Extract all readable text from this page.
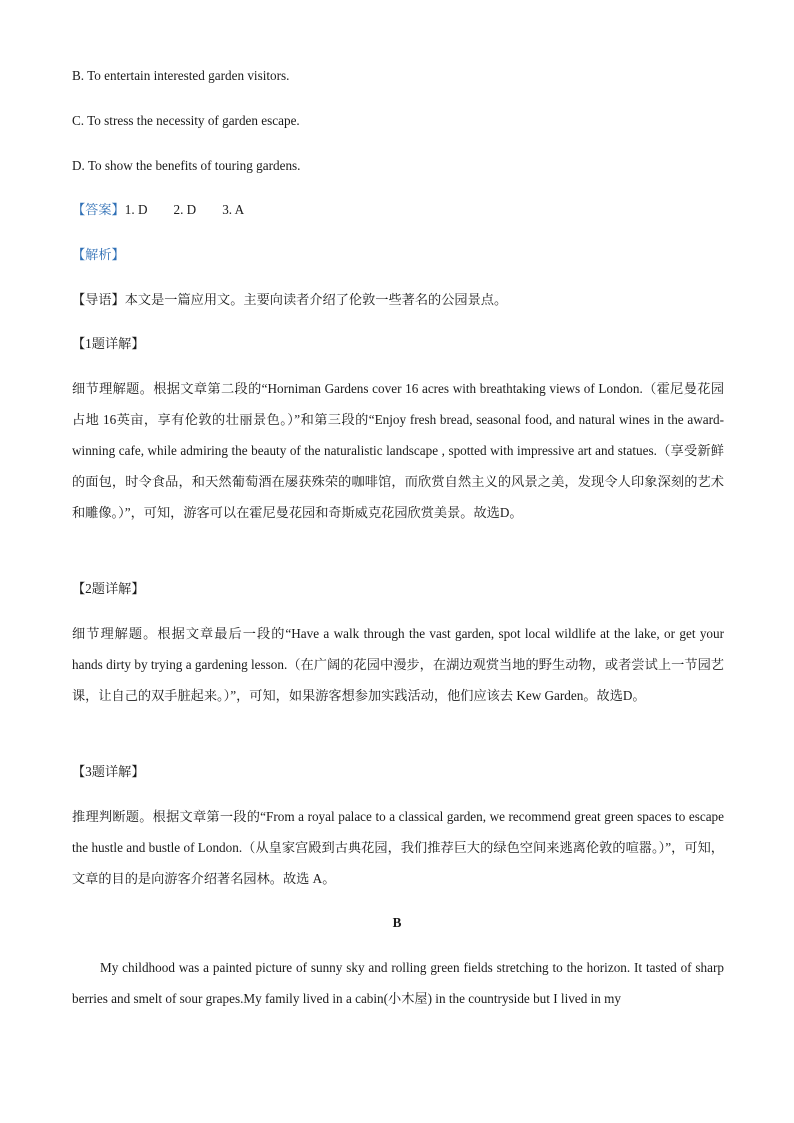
B. To entertain interested garden visitors.
C. To stress the necessity of garden escape.
D. To show the benefits of touring gardens.
【答案】1. D 2. D 3. A
【解析】
【导语】本文是一篇应用文。主要向读者介绍了伦敦一些著名的公园景点。
【1题详解】
细节理解题。根据文章第二段的“Horniman Gardens cover 16 acres with breathtaking views of London.（霍尼曼花园占地 16英亩，享有伦敦的壮丽景色。）”和第三段的“Enjoy fresh bread, seasonal food, and natural wines in the award-winning cafe, while admiring the beauty of the naturalistic landscape , spotted with impressive art and statues.（享受新鲜的面包，时令食品，和天然葡萄酒在屡获殊荣的咖啡馆，而欣赏自然主义的风景之美，发现令人印象深刻的艺术和雕像。）”，可知，游客可以在霍尼曼花园和奇斯威克花园欣赏美景。故选D。
【2题详解】
细节理解题。根据文章最后一段的“Have a walk through the vast garden, spot local wildlife at the lake, or get your hands dirty by trying a gardening lesson.（在广阔的花园中漫步，在湖边观赏当地的野生动物，或者尝试上一节园艺课，让自己的双手脏起来。）”，可知，如果游客想参加实践活动，他们应该去 Kew Garden。故选D。
【3题详解】
推理判断题。根据文章第一段的“From a royal palace to a classical garden, we recommend great green spaces to escape the hustle and bustle of London.（从皇家宫殿到古典花园，我们推荐巨大的绿色空间来逃离伦敦的喧嚣。）”，可知，文章的目的是向游客介绍著名园林。故选 A。
B
My childhood was a painted picture of sunny sky and rolling green fields stretching to the horizon. It tasted of sharp berries and smelt of sour grapes.My family lived in a cabin(小木屋) in the countryside but I lived in my
